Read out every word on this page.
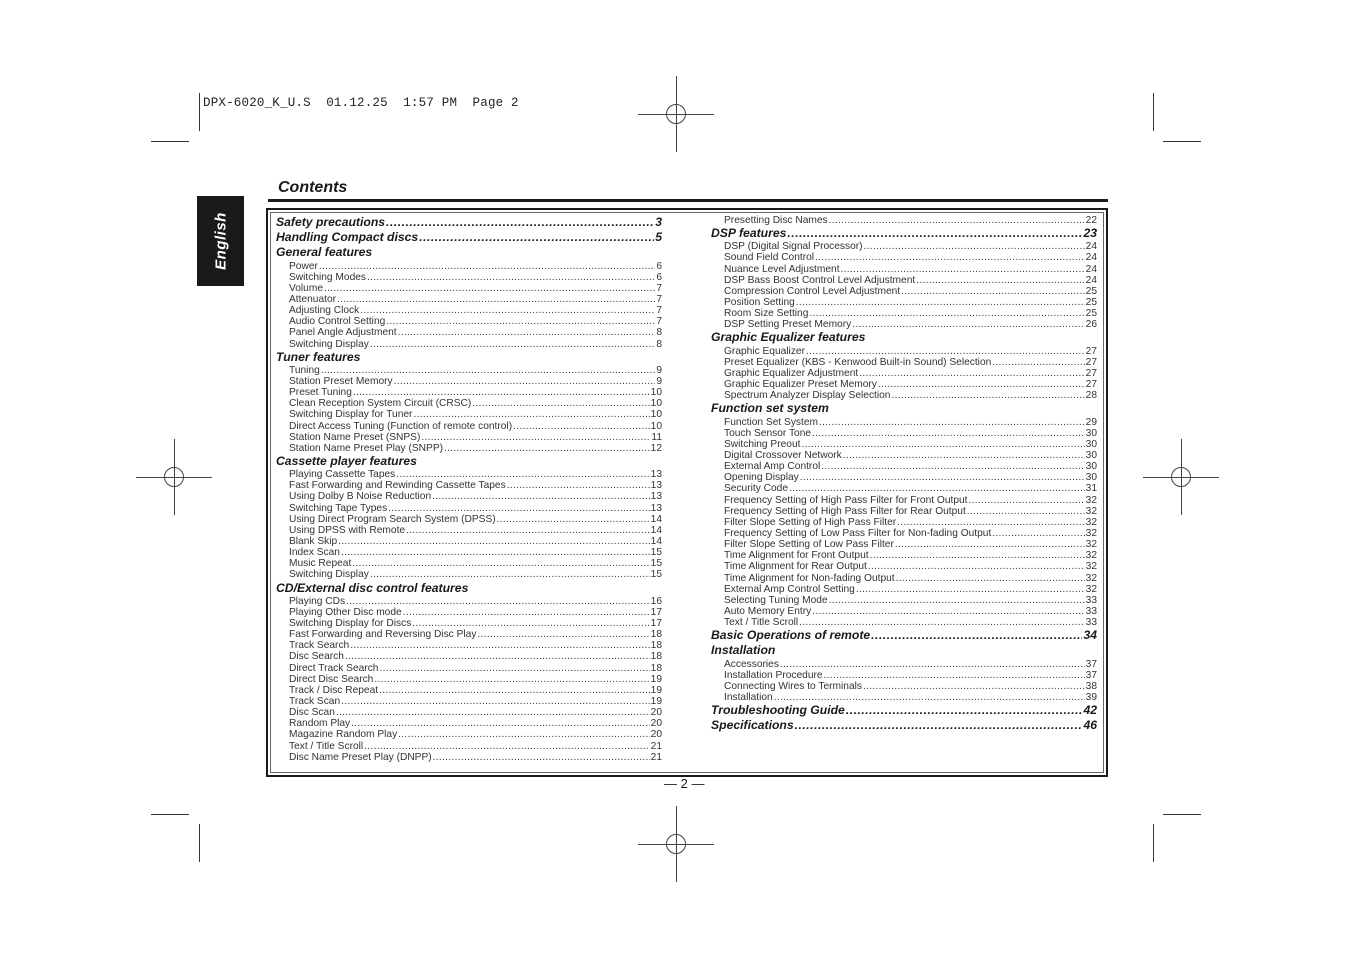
DPX-6020_K_U.S  01.12.25  1:57 PM  Page 2
English
Contents
Safety precautions .....	3
Handling Compact discs .....	5
General features
Power .....	6
Switching Modes .....	6
Volume .....	7
Attenuator .....	7
Adjusting Clock .....	7
Audio Control Setting .....	7
Panel Angle Adjustment .....	8
Switching Display .....	8
Tuner features
Tuning .....	9
Station Preset Memory .....	9
Preset Tuning .....	10
Clean Reception System Circuit (CRSC) .....	10
Switching Display for Tuner .....	10
Direct Access Tuning (Function of remote control) .....	10
Station Name Preset (SNPS) .....	11
Station Name Preset Play (SNPP) .....	12
Cassette player features
Playing Cassette Tapes .....	13
Fast Forwarding and Rewinding Cassette Tapes .....	13
Using Dolby B Noise Reduction .....	13
Switching Tape Types .....	13
Using Direct Program Search System (DPSS) .....	14
Using DPSS with Remote .....	14
Blank Skip .....	14
Index Scan .....	15
Music Repeat .....	15
Switching Display .....	15
CD/External disc control features
Playing CDs .....	16
Playing Other Disc mode .....	17
Switching Display for Discs .....	17
Fast Forwarding and Reversing Disc Play .....	18
Track Search .....	18
Disc Search .....	18
Direct Track Search .....	18
Direct Disc Search .....	19
Track / Disc Repeat .....	19
Track Scan .....	19
Disc Scan .....	20
Random Play .....	20
Magazine Random Play .....	20
Text / Title Scroll .....	21
Disc Name Preset Play (DNPP) .....	21
Presetting Disc Names .....	22
DSP features .....	23
DSP (Digital Signal Processor) .....	24
Sound Field Control .....	24
Nuance Level Adjustment .....	24
DSP Bass Boost Control Level Adjustment .....	24
Compression Control Level Adjustment .....	25
Position Setting .....	25
Room Size Setting .....	25
DSP Setting Preset Memory .....	26
Graphic Equalizer features
Graphic Equalizer .....	27
Preset Equalizer (KBS - Kenwood Built-in Sound) Selection .....	27
Graphic Equalizer Adjustment .....	27
Graphic Equalizer Preset Memory .....	27
Spectrum Analyzer Display Selection .....	28
Function set system
Function Set System .....	29
Touch Sensor Tone .....	30
Switching Preout .....	30
Digital Crossover Network .....	30
External Amp Control .....	30
Opening Display .....	30
Security Code .....	31
Frequency Setting of High Pass Filter for Front Output .....	32
Frequency Setting of High Pass Filter for Rear Output .....	32
Filter Slope Setting of High Pass Filter .....	32
Frequency Setting of Low Pass Filter for Non-fading Output .....	32
Filter Slope Setting of Low Pass Filter .....	32
Time Alignment for Front Output .....	32
Time Alignment for Rear Output .....	32
Time Alignment for Non-fading Output .....	32
External Amp Control Setting .....	32
Selecting Tuning Mode .....	33
Auto Memory Entry .....	33
Text / Title Scroll .....	33
Basic Operations of remote .....	34
Installation
Accessories .....	37
Installation Procedure .....	37
Connecting Wires to Terminals .....	38
Installation .....	39
Troubleshooting Guide .....	42
Specifications .....	46
— 2 —
